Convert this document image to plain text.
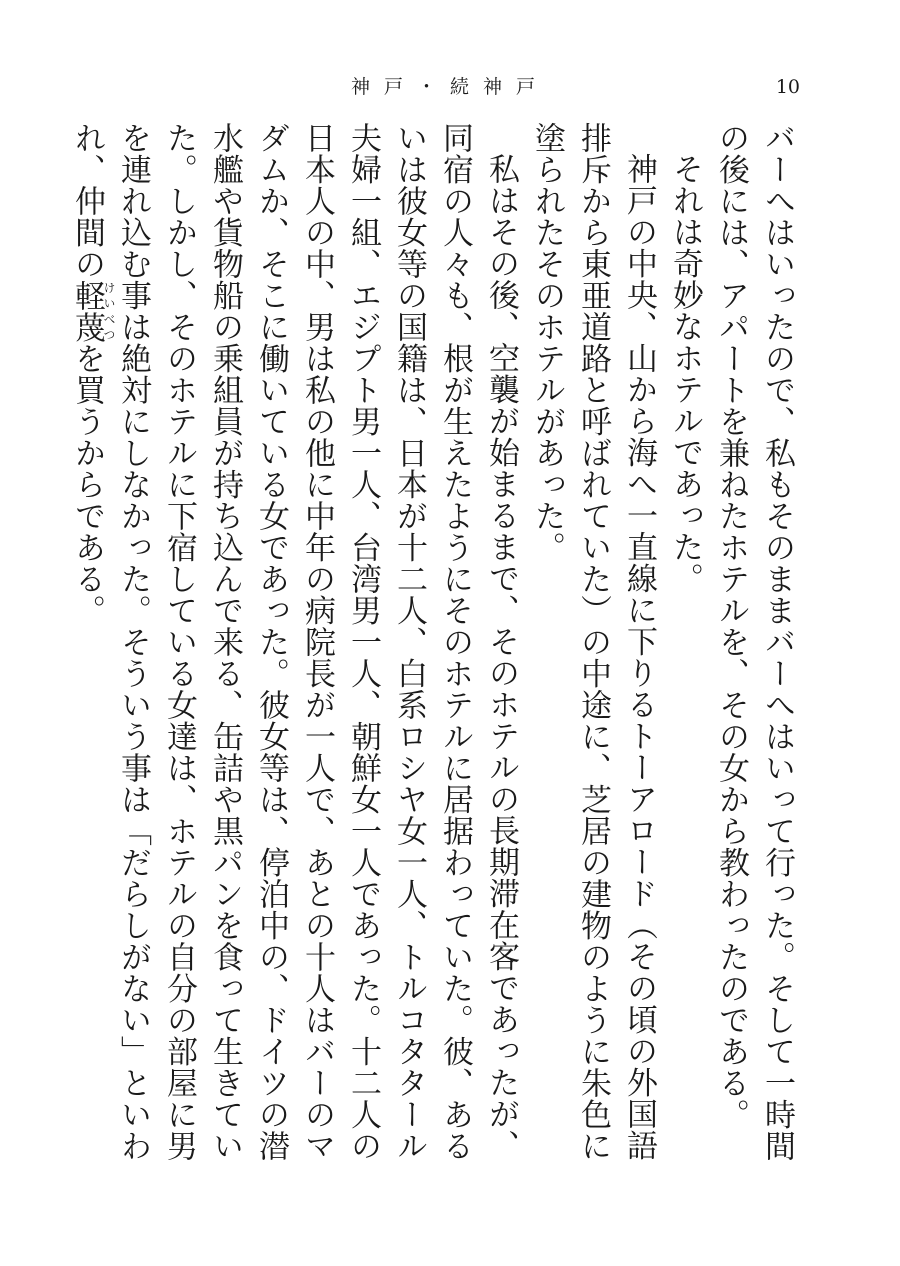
神戸・続神戸	10

バーへはいったので、私もそのままバーへはいって行った。そして一時間の後には、アパートを兼ねたホテルを、その女から教わったのである。

それは奇妙なホテルであった。

神戸の中央、山から海へ一直線に下りるトーアロード（その頃の外国語排斥から東亜道路と呼ばれていた）の中途に、芝居の建物のように朱色に塗られたそのホテルがあった。

私はその後、空襲が始まるまで、そのホテルの長期滞在客であったが、同宿の人々も、根が生えたようにそのホテルに居据わっていた。彼、あるいは彼女等の国籍は、日本が十二人、白系ロシヤ女一人、トルコタタール夫婦一組、エジプト男一人、台湾男一人、朝鮮女一人であった。十二人の日本人の中、男は私の他に中年の病院長が一人で、あとの十人はバーのマダムか、そこに働いている女であった。彼女等は、停泊中の、ドイツの潜水艦や貨物船の乗組員が持ち込んで来る、缶詰や黒パンを食って生きていた。しかし、そのホテルに下宿している女達は、ホテルの自分の部屋に男を連れ込む事は絶対にしなかった。そういう事は「だらしがない」といわれ、仲間の軽蔑けいべつを買うからである。
